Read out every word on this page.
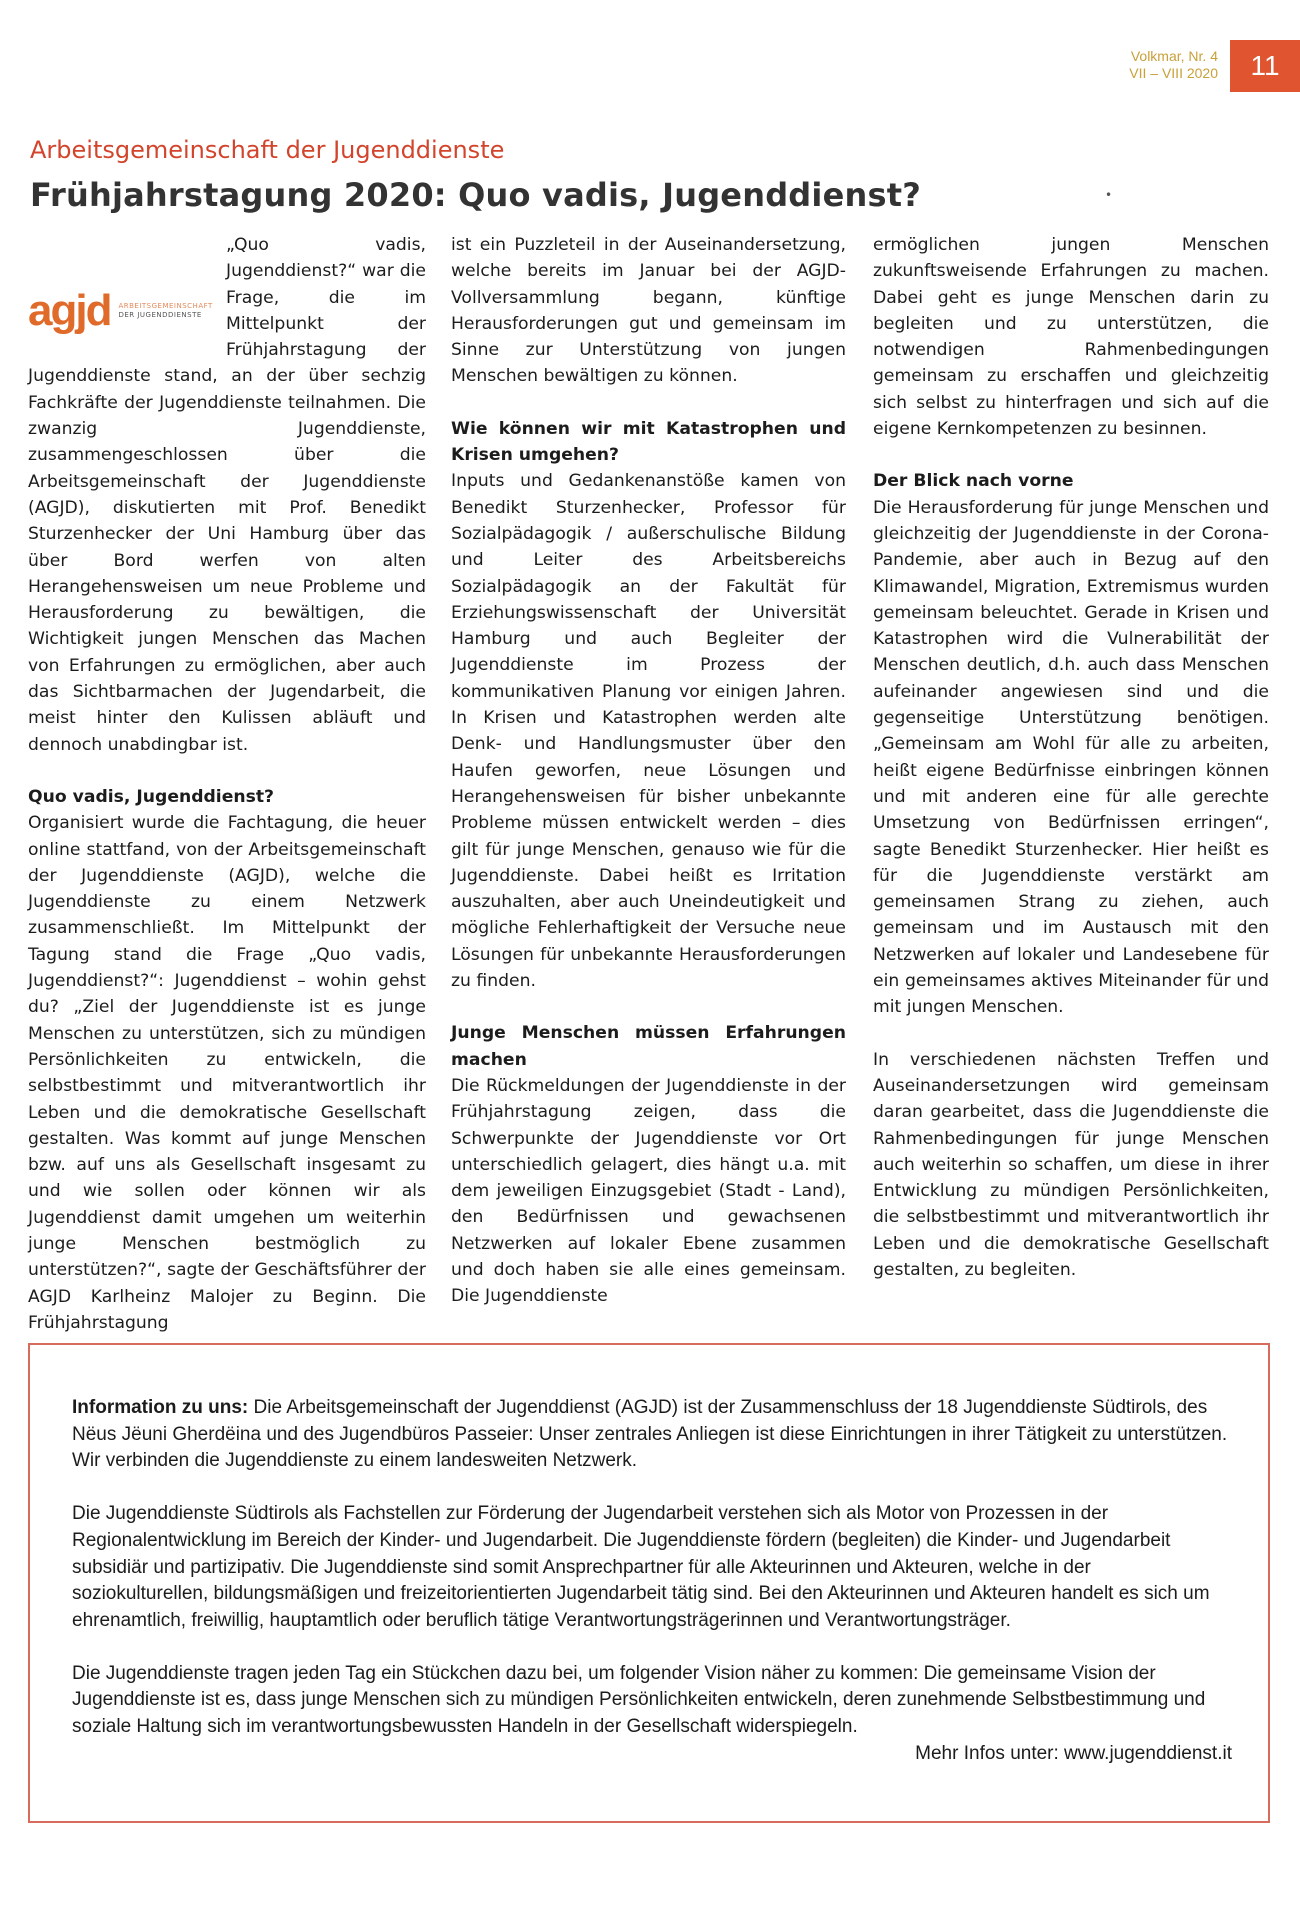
Volkmar, Nr. 4
VII – VIII 2020	11
Arbeitsgemeinschaft der Jugenddienste
Frühjahrstagung 2020: Quo vadis, Jugenddienst?	•
agjd ARBEITSGEMEINSCHAFT
DER JUGENDDIENSTE

„Quo vadis, Jugenddienst?“ war die Frage, die im Mittelpunkt der Frühjahrstagung der Jugenddienste stand, an der über sechzig Fachkräfte der Jugenddienste teilnahmen. Die zwanzig Jugenddienste, zusammengeschlossen über die Arbeitsgemeinschaft der Jugenddienste (AGJD), diskutierten mit Prof. Benedikt Sturzenhecker der Uni Hamburg über das über Bord werfen von alten Herangehensweisen um neue Probleme und Herausforderung zu bewältigen, die Wichtigkeit jungen Menschen das Machen von Erfahrungen zu ermöglichen, aber auch das Sichtbarmachen der Jugendarbeit, die meist hinter den Kulissen abläuft und dennoch unabdingbar ist.

Quo vadis, Jugenddienst?

Organisiert wurde die Fachtagung, die heuer online stattfand, von der Arbeitsgemeinschaft der Jugenddienste (AGJD), welche die Jugenddienste zu einem Netzwerk zusammenschließt. Im Mittelpunkt der Tagung stand die Frage „Quo vadis, Jugenddienst?“: Jugenddienst – wohin gehst du? „Ziel der Jugenddienste ist es junge Menschen zu unterstützen, sich zu mündigen Persönlichkeiten zu entwickeln, die selbstbestimmt und mitverantwortlich ihr Leben und die demokratische Gesellschaft gestalten. Was kommt auf junge Menschen bzw. auf uns als Gesellschaft insgesamt zu und wie sollen oder können wir als Jugenddienst damit umgehen um weiterhin junge Menschen bestmöglich zu unterstützen?“, sagte der Geschäftsführer der AGJD Karlheinz Malojer zu Beginn. Die Frühjahrstagung

ist ein Puzzleteil in der Auseinandersetzung, welche bereits im Januar bei der AGJD-Vollversammlung begann, künftige Herausforderungen gut und gemeinsam im Sinne zur Unterstützung von jungen Menschen bewältigen zu können.

Wie können wir mit Katastrophen und Krisen umgehen?

Inputs und Gedankenanstöße kamen von Benedikt Sturzenhecker, Professor für Sozialpädagogik / außerschulische Bildung und Leiter des Arbeitsbereichs Sozialpädagogik an der Fakultät für Erziehungswissenschaft der Universität Hamburg und auch Begleiter der Jugenddienste im Prozess der kommunikativen Planung vor einigen Jahren. In Krisen und Katastrophen werden alte Denk- und Handlungsmuster über den Haufen geworfen, neue Lösungen und Herangehensweisen für bisher unbekannte Probleme müssen entwickelt werden – dies gilt für junge Menschen, genauso wie für die Jugenddienste. Dabei heißt es Irritation auszuhalten, aber auch Uneindeutigkeit und mögliche Fehlerhaftigkeit der Versuche neue Lösungen für unbekannte Herausforderungen zu finden.

Junge Menschen müssen Erfahrungen machen

Die Rückmeldungen der Jugenddienste in der Frühjahrstagung zeigen, dass die Schwerpunkte der Jugenddienste vor Ort unterschiedlich gelagert, dies hängt u.a. mit dem jeweiligen Einzugsgebiet (Stadt - Land), den Bedürfnissen und gewachsenen Netzwerken auf lokaler Ebene zusammen und doch haben sie alle eines gemeinsam. Die Jugenddienste

ermöglichen jungen Menschen zukunftsweisende Erfahrungen zu machen. Dabei geht es junge Menschen darin zu begleiten und zu unterstützen, die notwendigen Rahmenbedingungen gemeinsam zu erschaffen und gleichzeitig sich selbst zu hinterfragen und sich auf die eigene Kernkompetenzen zu besinnen.

Der Blick nach vorne

Die Herausforderung für junge Menschen und gleichzeitig der Jugenddienste in der Corona-Pandemie, aber auch in Bezug auf den Klimawandel, Migration, Extremismus wurden gemeinsam beleuchtet. Gerade in Krisen und Katastrophen wird die Vulnerabilität der Menschen deutlich, d.h. auch dass Menschen aufeinander angewiesen sind und die gegenseitige Unterstützung benötigen. „Gemeinsam am Wohl für alle zu arbeiten, heißt eigene Bedürfnisse einbringen können und mit anderen eine für alle gerechte Umsetzung von Bedürfnissen erringen“, sagte Benedikt Sturzenhecker. Hier heißt es für die Jugenddienste verstärkt am gemeinsamen Strang zu ziehen, auch gemeinsam und im Austausch mit den Netzwerken auf lokaler und Landesebene für ein gemeinsames aktives Miteinander für und mit jungen Menschen.

In verschiedenen nächsten Treffen und Auseinandersetzungen wird gemeinsam daran gearbeitet, dass die Jugenddienste die Rahmenbedingungen für junge Menschen auch weiterhin so schaffen, um diese in ihrer Entwicklung zu mündigen Persönlichkeiten, die selbstbestimmt und mitverantwortlich ihr Leben und die demokratische Gesellschaft gestalten, zu begleiten.

Information zu uns: Die Arbeitsgemeinschaft der Jugenddienst (AGJD) ist der Zusammenschluss der 18 Jugenddienste Südtirols, des Nëus Jëuni Gherdëina und des Jugendbüros Passeier: Unser zentrales Anliegen ist diese Einrichtungen in ihrer Tätigkeit zu unterstützen. Wir verbinden die Jugenddienste zu einem landesweiten Netzwerk.

Die Jugenddienste Südtirols als Fachstellen zur Förderung der Jugendarbeit verstehen sich als Motor von Prozessen in der Regionalentwicklung im Bereich der Kinder- und Jugendarbeit. Die Jugenddienste fördern (begleiten) die Kinder- und Jugendarbeit subsidiär und partizipativ. Die Jugenddienste sind somit Ansprechpartner für alle Akteurinnen und Akteuren, welche in der soziokulturellen, bildungsmäßigen und freizeitorientierten Jugendarbeit tätig sind. Bei den Akteurinnen und Akteuren handelt es sich um ehrenamtlich, freiwillig, hauptamtlich oder beruflich tätige Verantwortungsträgerinnen und Verantwortungsträger.

Die Jugenddienste tragen jeden Tag ein Stückchen dazu bei, um folgender Vision näher zu kommen: Die gemeinsame Vision der Jugenddienste ist es, dass junge Menschen sich zu mündigen Persönlichkeiten entwickeln, deren zunehmende Selbstbestimmung und soziale Haltung sich im verantwortungsbewussten Handeln in der Gesellschaft widerspiegeln.

Mehr Infos unter: www.jugenddienst.it
